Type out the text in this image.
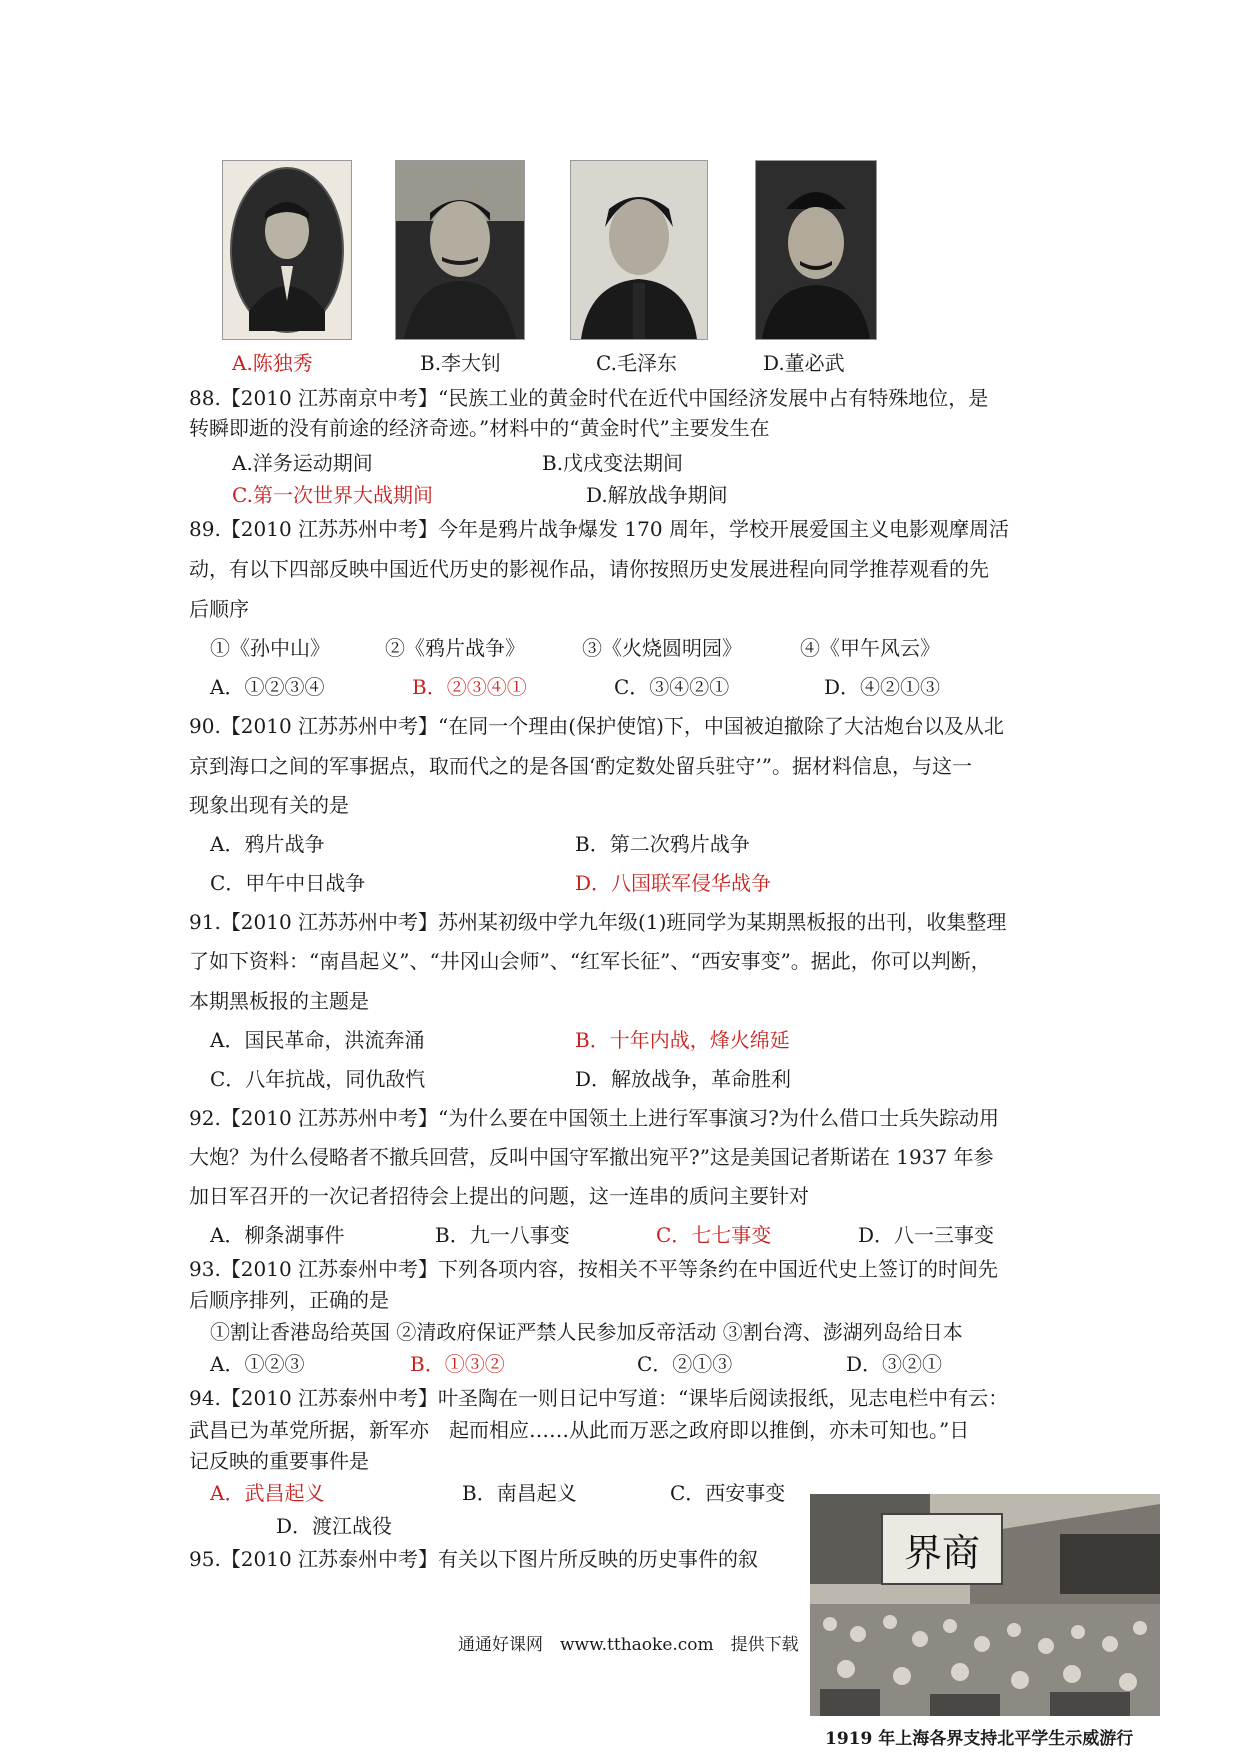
A.陈独秀	B.李大钊	C.毛泽东	D.董必武
88.【2010 江苏南京中考】“民族工业的黄金时代在近代中国经济发展中占有特殊地位，是
转瞬即逝的没有前途的经济奇迹。”材料中的“黄金时代”主要发生在
A.洋务运动期间	B.戊戌变法期间
C.第一次世界大战期间	D.解放战争期间
89.【2010 江苏苏州中考】今年是鸦片战争爆发 170 周年，学校开展爱国主义电影观摩周活
动，有以下四部反映中国近代历史的影视作品，请你按照历史发展进程向同学推荐观看的先
后顺序
①《孙中山》	②《鸦片战争》	③《火烧圆明园》	④《甲午风云》
A．①②③④	B．②③④①	C．③④②①	D．④②①③
90.【2010 江苏苏州中考】“在同一个理由(保护使馆)下，中国被迫撤除了大沽炮台以及从北
京到海口之间的军事据点，取而代之的是各国‘酌定数处留兵驻守’”。据材料信息，与这一
现象出现有关的是
A．鸦片战争	B．第二次鸦片战争
C．甲午中日战争	D．八国联军侵华战争
91.【2010 江苏苏州中考】苏州某初级中学九年级(1)班同学为某期黑板报的出刊，收集整理
了如下资料：“南昌起义”、“井冈山会师”、“红军长征”、“西安事变”。据此，你可以判断，
本期黑板报的主题是
A．国民革命，洪流奔涌	B．十年内战，烽火绵延
C．八年抗战，同仇敌忾	D．解放战争，革命胜利
92.【2010 江苏苏州中考】“为什么要在中国领土上进行军事演习?为什么借口士兵失踪动用
大炮？为什么侵略者不撤兵回营，反叫中国守军撤出宛平?”这是美国记者斯诺在 1937 年参
加日军召开的一次记者招待会上提出的问题，这一连串的质问主要针对
A．柳条湖事件	B．九一八事变	C．七七事变	D．八一三事变
93.【2010 江苏泰州中考】下列各项内容，按相关不平等条约在中国近代史上签订的时间先
后顺序排列，正确的是
①割让香港岛给英国 ②清政府保证严禁人民参加反帝活动 ③割台湾、澎湖列岛给日本
A．①②③	B．①③②	C．②①③	D．③②①
94.【2010 江苏泰州中考】叶圣陶在一则日记中写道：“课毕后阅读报纸，见志电栏中有云：
武昌已为革党所据，新军亦　起而相应……从此而万恶之政府即以推倒，亦未可知也。”日
记反映的重要事件是
A．武昌起义	B．南昌起义	C．西安事变
D．渡江战役
95.【2010 江苏泰州中考】有关以下图片所反映的历史事件的叙	界商
1919 年上海各界支持北平学生示威游行
通通好课网　www.tthaoke.com　提供下载
